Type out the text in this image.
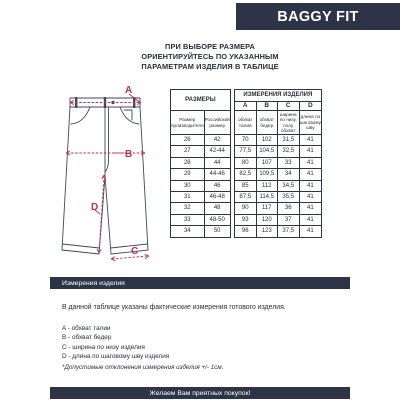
BAGGY FIT
ПРИ ВЫБОРЕ РАЗМЕРА
ОРИЕНТИРУЙТЕСЬ ПО УКАЗАННЫМ
ПАРАМЕТРАМ ИЗДЕЛИЯ В ТАБЛИЦЕ
A
B
C
D
РАЗМЕРЫ			ИЗМЕРЕНИЯ ИЗДЕЛИЯ			
			A	B	C	D
Размер производителя	Российский размер		обхват талии	обхват бедер	ширина по низу, полу обхват	длина по шаговому шву
26	42		70	102	31,5	41
27	42-44		77,5	104,5	32,5	41
28	44		80	107	33	41
29	44-46		82,5	109,5	34	41
30	46		85	112	34,5	41
31	46-48		87,5	114,5	35,5	41
32	48		90	117	36	41
33	48-50		93	120	37	41
34	50		96	123	37,5	41
Измерения изделия
В данной таблице указаны фактические измерения готового изделия.
A - обхват талии
B - обхват бедер
C - ширина по низу изделия
D - длина по шаговому шву изделия
*Допустимые отклонения измерения изделия +/- 1см.
Желаем Вам приятных покупок!
